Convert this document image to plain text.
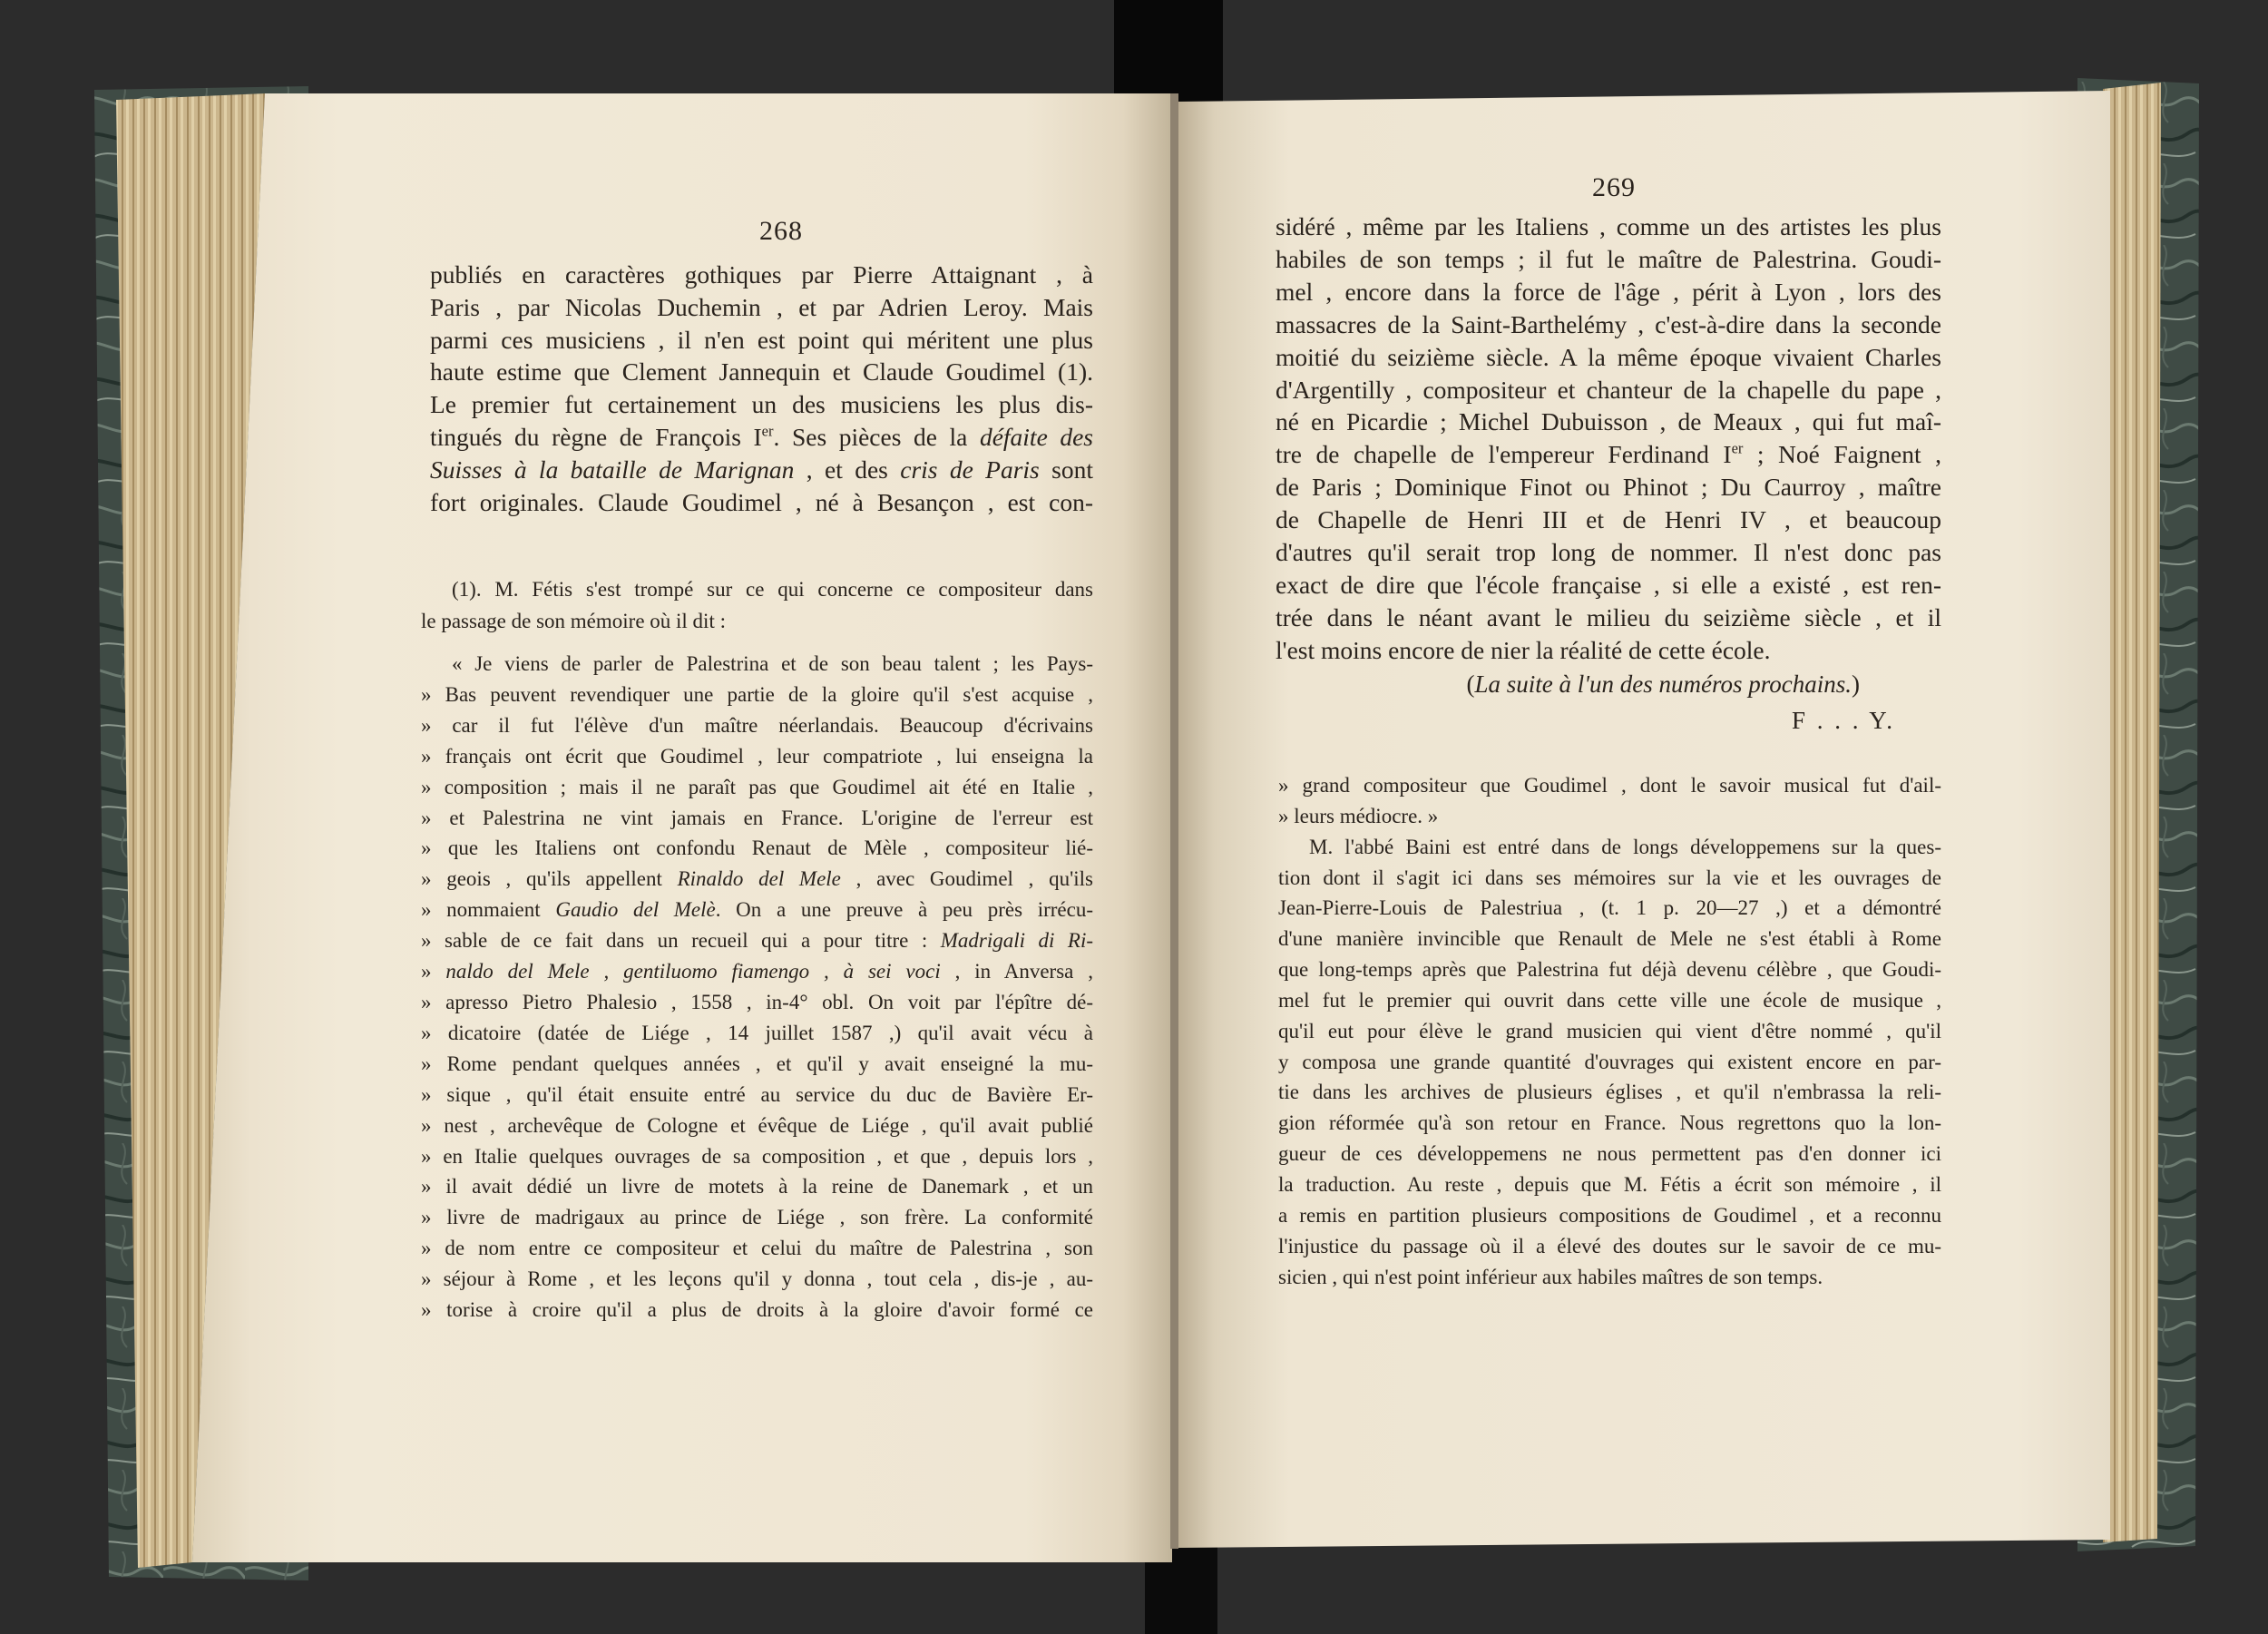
268
publiés en caractères gothiques par Pierre Attaignant , à
Paris , par Nicolas Duchemin , et par Adrien Leroy. Mais
parmi ces musiciens , il n'en est point qui méritent une plus
haute estime que Clement Jannequin et Claude Goudimel (1).
Le premier fut certainement un des musiciens les plus dis-
tingués du règne de François Ier. Ses pièces de la défaite des
Suisses à la bataille de Marignan , et des cris de Paris sont
fort originales. Claude Goudimel , né à Besançon , est con-
(1). M. Fétis s'est trompé sur ce qui concerne ce compositeur dans
le passage de son mémoire où il dit :
« Je viens de parler de Palestrina et de son beau talent ; les Pays-
» Bas peuvent revendiquer une partie de la gloire qu'il s'est acquise ,
» car il fut l'élève d'un maître néerlandais. Beaucoup d'écrivains
» français ont écrit que Goudimel , leur compatriote , lui enseigna la
» composition ; mais il ne paraît pas que Goudimel ait été en Italie ,
» et Palestrina ne vint jamais en France. L'origine de l'erreur est
» que les Italiens ont confondu Renaut de Mèle , compositeur lié-
» geois , qu'ils appellent Rinaldo del Mele , avec Goudimel , qu'ils
» nommaient Gaudio del Melè. On a une preuve à peu près irrécu-
» sable de ce fait dans un recueil qui a pour titre : Madrigali di Ri-
» naldo del Mele , gentiluomo fiamengo , à sei voci , in Anversa ,
» apresso Pietro Phalesio , 1558 , in-4° obl. On voit par l'épître dé-
» dicatoire (datée de Liége , 14 juillet 1587 ,) qu'il avait vécu à
» Rome pendant quelques années , et qu'il y avait enseigné la mu-
» sique , qu'il était ensuite entré au service du duc de Bavière Er-
» nest , archevêque de Cologne et évêque de Liége , qu'il avait publié
» en Italie quelques ouvrages de sa composition , et que , depuis lors ,
» il avait dédié un livre de motets à la reine de Danemark , et un
» livre de madrigaux au prince de Liége , son frère. La conformité
» de nom entre ce compositeur et celui du maître de Palestrina , son
» séjour à Rome , et les leçons qu'il y donna , tout cela , dis-je , au-
» torise à croire qu'il a plus de droits à la gloire d'avoir formé ce
269
sidéré , même par les Italiens , comme un des artistes les plus
habiles de son temps ; il fut le maître de Palestrina. Goudi-
mel , encore dans la force de l'âge , périt à Lyon , lors des
massacres de la Saint-Barthelémy , c'est-à-dire dans la seconde
moitié du seizième siècle. A la même époque vivaient Charles
d'Argentilly , compositeur et chanteur de la chapelle du pape ,
né en Picardie ; Michel Dubuisson , de Meaux , qui fut maî-
tre de chapelle de l'empereur Ferdinand Ier ; Noé Faignent ,
de Paris ; Dominique Finot ou Phinot ; Du Caurroy , maître
de Chapelle de Henri III et de Henri IV , et beaucoup
d'autres qu'il serait trop long de nommer. Il n'est donc pas
exact de dire que l'école française , si elle a existé , est ren-
trée dans le néant avant le milieu du seizième siècle , et il
l'est moins encore de nier la réalité de cette école.
(La suite à l'un des numéros prochains.)
F . . . Y.
» grand compositeur que Goudimel , dont le savoir musical fut d'ail-
» leurs médiocre. »
M. l'abbé Baini est entré dans de longs développemens sur la ques-
tion dont il s'agit ici dans ses mémoires sur la vie et les ouvrages de
Jean-Pierre-Louis de Palestriua , (t. 1 p. 20—27 ,) et a démontré
d'une manière invincible que Renault de Mele ne s'est établi à Rome
que long-temps après que Palestrina fut déjà devenu célèbre , que Goudi-
mel fut le premier qui ouvrit dans cette ville une école de musique ,
qu'il eut pour élève le grand musicien qui vient d'être nommé , qu'il
y composa une grande quantité d'ouvrages qui existent encore en par-
tie dans les archives de plusieurs églises , et qu'il n'embrassa la reli-
gion réformée qu'à son retour en France. Nous regrettons quo la lon-
gueur de ces développemens ne nous permettent pas d'en donner ici
la traduction. Au reste , depuis que M. Fétis a écrit son mémoire , il
a remis en partition plusieurs compositions de Goudimel , et a reconnu
l'injustice du passage où il a élevé des doutes sur le savoir de ce mu-
sicien , qui n'est point inférieur aux habiles maîtres de son temps.
